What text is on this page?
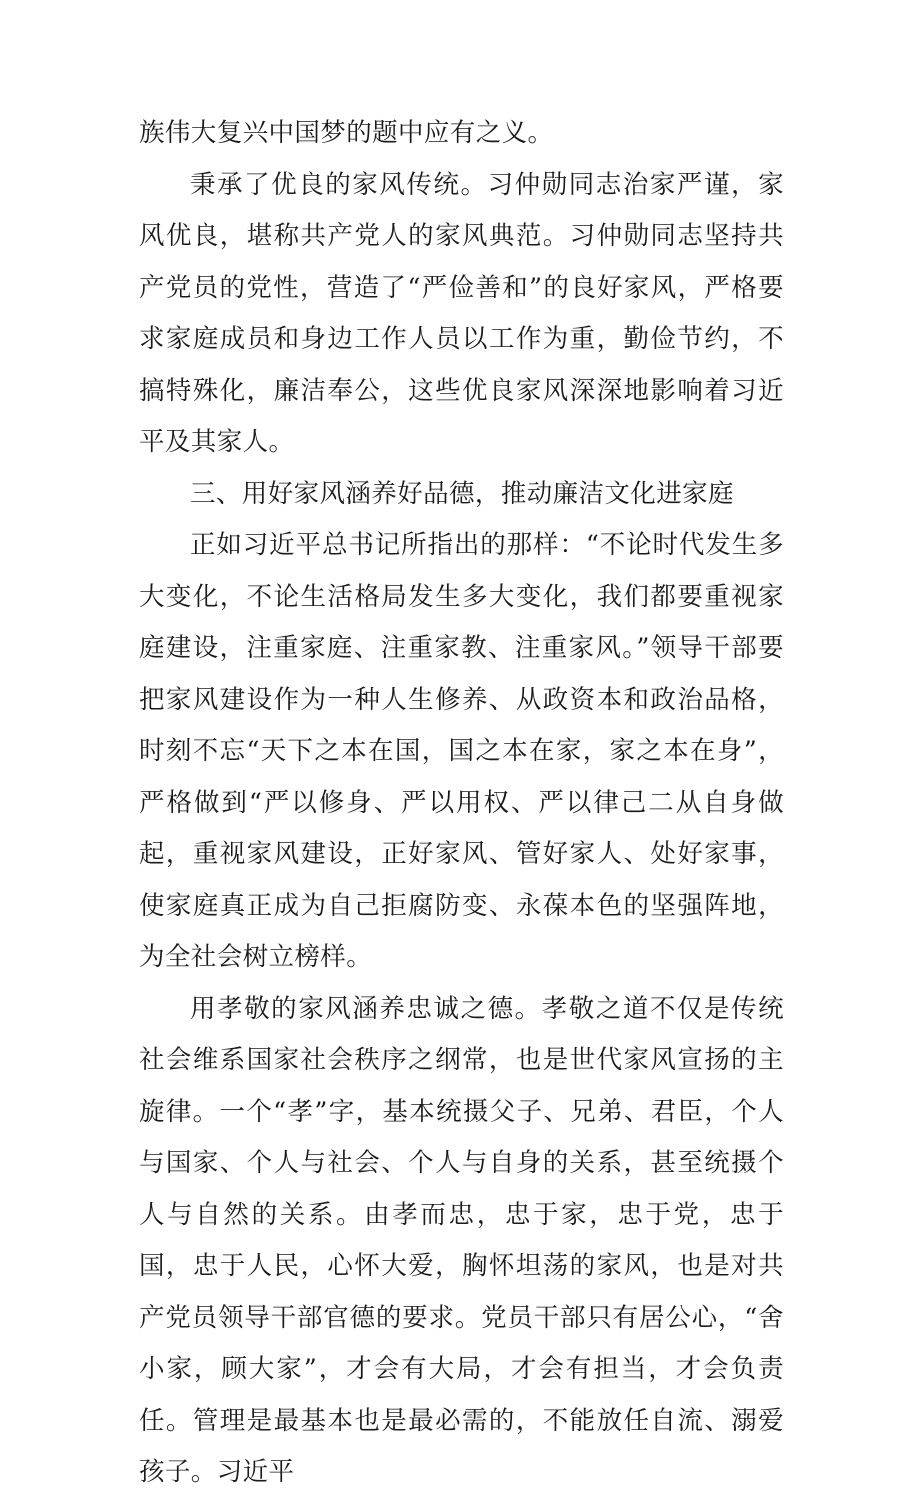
族伟大复兴中国梦的题中应有之义。

秉承了优良的家风传统。习仲勋同志治家严谨，家风优良，堪称共产党人的家风典范。习仲勋同志坚持共产党员的党性，营造了“严俭善和”的良好家风，严格要求家庭成员和身边工作人员以工作为重，勤俭节约，不搞特殊化，廉洁奉公，这些优良家风深深地影响着习近平及其家人。

三、用好家风涵养好品德，推动廉洁文化进家庭

正如习近平总书记所指出的那样：“不论时代发生多大变化，不论生活格局发生多大变化，我们都要重视家庭建设，注重家庭、注重家教、注重家风。”领导干部要把家风建设作为一种人生修养、从政资本和政治品格，时刻不忘“天下之本在国，国之本在家，家之本在身”，严格做到“严以修身、严以用权、严以律己二从自身做起，重视家风建设，正好家风、管好家人、处好家事，使家庭真正成为自己拒腐防变、永葆本色的坚强阵地，为全社会树立榜样。

用孝敬的家风涵养忠诚之德。孝敬之道不仅是传统社会维系国家社会秩序之纲常，也是世代家风宣扬的主旋律。一个“孝”字，基本统摄父子、兄弟、君臣，个人与国家、个人与社会、个人与自身的关系，甚至统摄个人与自然的关系。由孝而忠，忠于家，忠于党，忠于国，忠于人民，心怀大爱，胸怀坦荡的家风，也是对共产党员领导干部官德的要求。党员干部只有居公心，“舍小家，顾大家”，才会有大局，才会有担当，才会负责任。管理是最基本也是最必需的，不能放任自流、溺爱孩子。习近平
